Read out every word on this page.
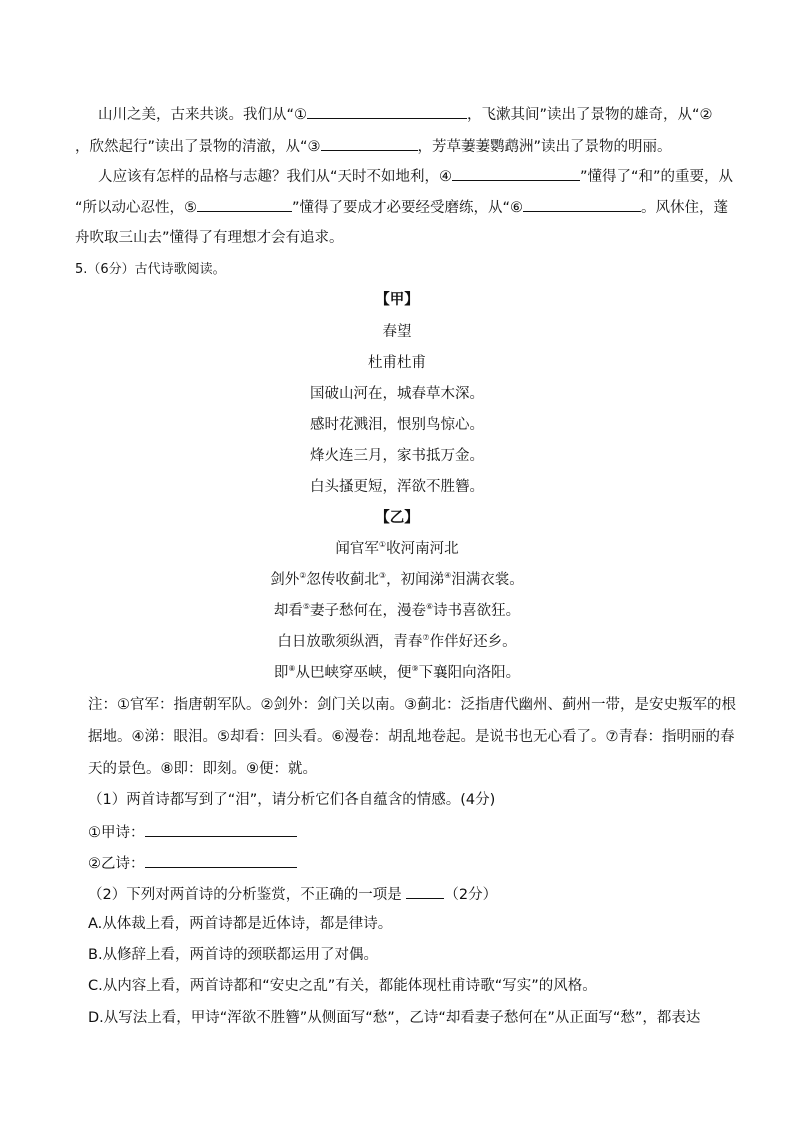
山川之美，古来共谈。我们从“①	，飞漱其间”读出了景物的雄奇，从“②
，欣然起行”读出了景物的清澈，从“③	，芳草萋萋鹦鹉洲”读出了景物的明丽。
人应该有怎样的品格与志趣？我们从“天时不如地利，④	”懂得了“和”的重要，从
“所以动心忍性，⑤	”懂得了要成才必要经受磨练，从“⑥	。风休住，蓬
舟吹取三山去”懂得了有理想才会有追求。
5.（6分）古代诗歌阅读。
【甲】
春望
杜甫杜甫
国破山河在，城春草木深。
感时花溅泪，恨别鸟惊心。
烽火连三月，家书抵万金。
白头搔更短，浑欲不胜簪。
【乙】
闻官军①收河南河北
剑外②忽传收蓟北③，初闻涕④泪满衣裳。
却看⑤妻子愁何在，漫卷⑥诗书喜欲狂。
白日放歌须纵酒，青春⑦作伴好还乡。
即⑧从巴峡穿巫峡，便⑨下襄阳向洛阳。
注：①官军：指唐朝军队。②剑外：剑门关以南。③蓟北：泛指唐代幽州、蓟州一带，是安史叛军的根
据地。④涕：眼泪。⑤却看：回头看。⑥漫卷：胡乱地卷起。是说书也无心看了。⑦青春：指明丽的春
天的景色。⑧即：即刻。⑨便：就。
（1）两首诗都写到了“泪”，请分析它们各自蕴含的情感。(4分)
①甲诗：
②乙诗：
（2）下列对两首诗的分析鉴赏，不正确的一项是	（2分）
A.从体裁上看，两首诗都是近体诗，都是律诗。
B.从修辞上看，两首诗的颈联都运用了对偶。
C.从内容上看，两首诗都和“安史之乱”有关，都能体现杜甫诗歌“写实”的风格。
D.从写法上看，甲诗“浑欲不胜簪”从侧面写“愁”，乙诗“却看妻子愁何在”从正面写“愁”，都表达
